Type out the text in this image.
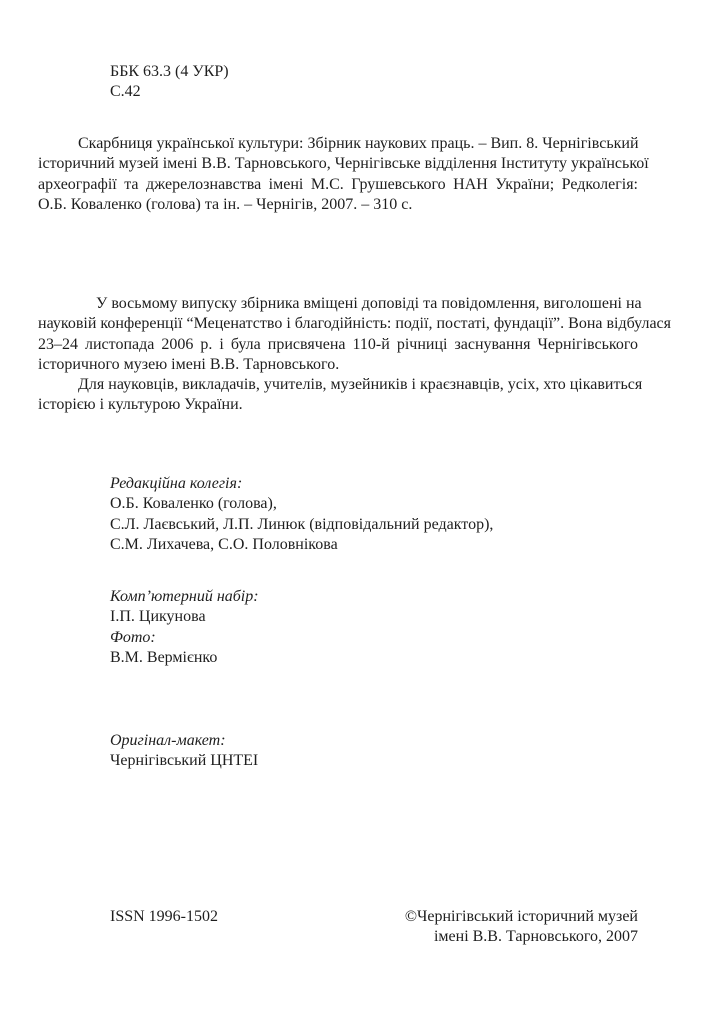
ББК 63.3 (4 УКР)
С.42
Скарбниця української культури: Збірник наукових праць. – Вип. 8. Чернігівський
історичний музей імені В.В. Тарновського, Чернігівське відділення Інституту української
археографії та джерелознавства імені М.С. Грушевського НАН України; Редколегія:
О.Б. Коваленко (голова) та ін. – Чернігів, 2007. – 310 с.
У восьмому випуску збірника вміщені доповіді та повідомлення, виголошені на
науковій конференції “Меценатство і благодійність: події, постаті, фундації”. Вона відбулася
23–24 листопада 2006 р. і була присвячена 110-й річниці заснування Чернігівського
історичного музею імені В.В. Тарновського.
Для науковців, викладачів, учителів, музейників і краєзнавців, усіх, хто цікавиться
історією і культурою України.
Редакційна колегія:
О.Б. Коваленко (голова),
С.Л. Лаєвський, Л.П. Линюк (відповідальний редактор),
С.М. Лихачева, С.О. Половнікова
Комп’ютерний набір:
І.П. Цикунова
Фото:
В.М. Вермієнко
Оригінал-макет:
Чернігівський ЦНТЕІ
ISSN 1996-1502	©Чернігівський історичний музей
імені В.В. Тарновського, 2007
